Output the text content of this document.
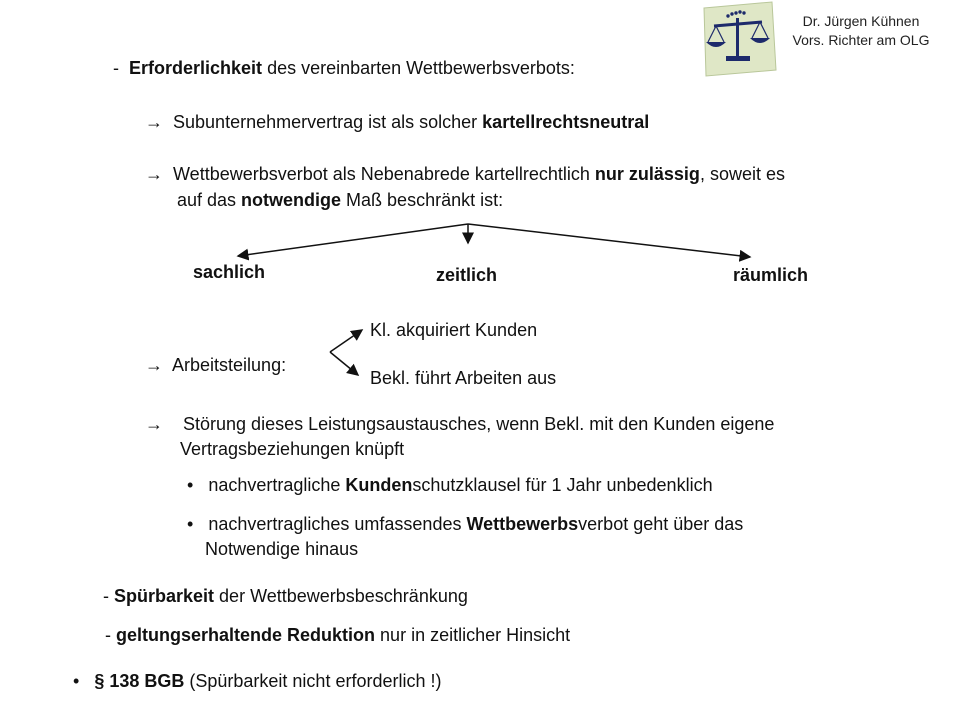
Dr. Jürgen Kühnen
Vors. Richter am OLG
- Erforderlichkeit des vereinbarten Wettbewerbsverbots:
→ Subunternehmervertrag ist als solcher kartellrechtsneutral
→ Wettbewerbsverbot als Nebenabrede kartellrechtlich nur zulässig, soweit es
auf das notwendige Maß beschränkt ist:
sachlich	zeitlich	räumlich
→ Arbeitsteilung:
Kl. akquiriert Kunden
Bekl. führt Arbeiten aus
→ Störung dieses Leistungsaustausches, wenn Bekl. mit den Kunden eigene
Vertragsbeziehungen knüpft
• nachvertragliche Kundenschutzklausel für 1 Jahr unbedenklich
• nachvertragliches umfassendes Wettbewerbsverbot geht über das
Notwendige hinaus
- Spürbarkeit der Wettbewerbsbeschränkung
- geltungserhaltende Reduktion nur in zeitlicher Hinsicht
• § 138 BGB (Spürbarkeit nicht erforderlich !)
